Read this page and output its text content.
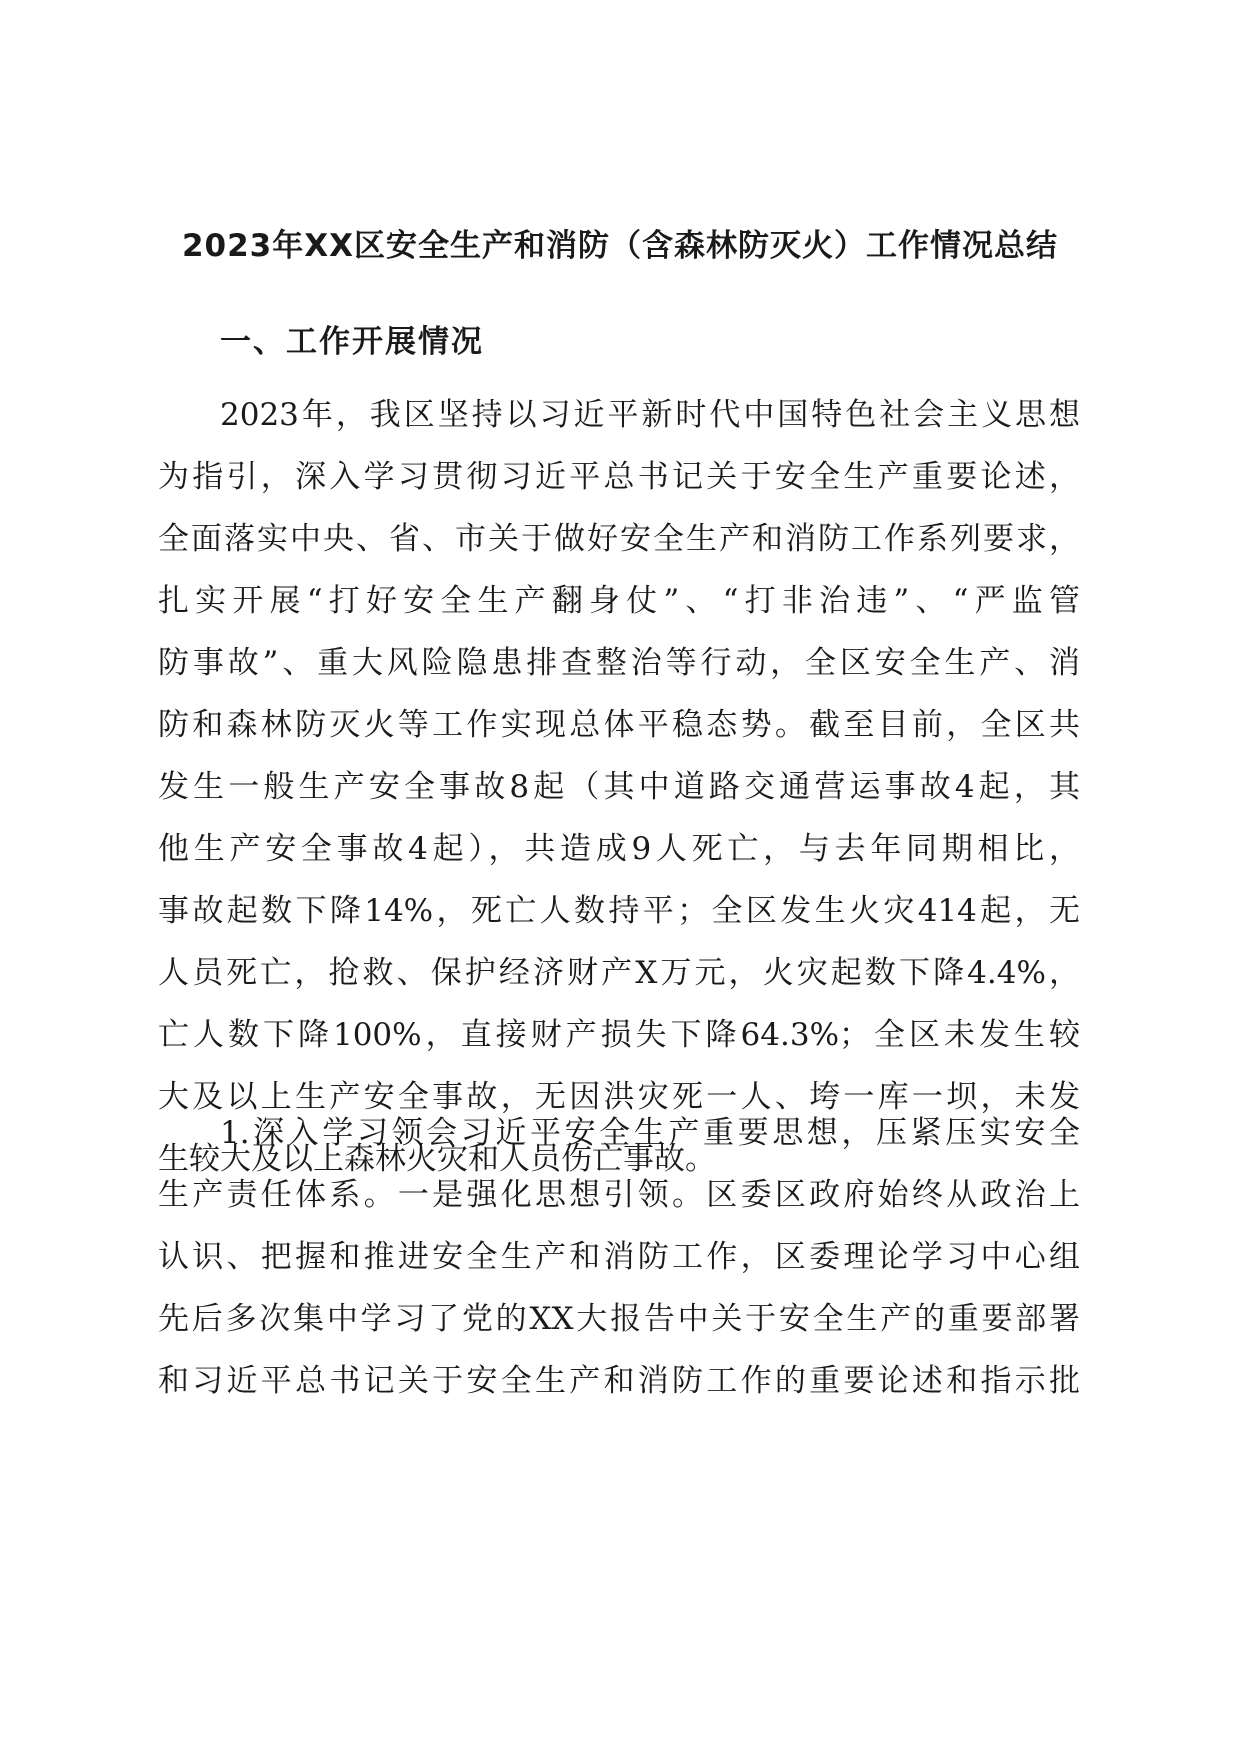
2023年XX区安全生产和消防（含森林防灭火）工作情况总结
一、工作开展情况
2023年，我区坚持以习近平新时代中国特色社会主义思想
为指引，深入学习贯彻习近平总书记关于安全生产重要论述，
全面落实中央、省、市关于做好安全生产和消防工作系列要求，
扎实开展“打好安全生产翻身仗”、“打非治违”、“严监管
防事故”、重大风险隐患排查整治等行动，全区安全生产、消
防和森林防灭火等工作实现总体平稳态势。截至目前，全区共
发生一般生产安全事故8起（其中道路交通营运事故4起，其
他生产安全事故4起），共造成9人死亡，与去年同期相比，
事故起数下降14%，死亡人数持平；全区发生火灾414起，无
人员死亡，抢救、保护经济财产X万元，火灾起数下降4.4%，
亡人数下降100%，直接财产损失下降64.3%；全区未发生较
大及以上生产安全事故，无因洪灾死一人、垮一库一坝，未发
生较大及以上森林火灾和人员伤亡事故。
1.深入学习领会习近平安全生产重要思想，压紧压实安全
生产责任体系。一是强化思想引领。区委区政府始终从政治上
认识、把握和推进安全生产和消防工作，区委理论学习中心组
先后多次集中学习了党的XX大报告中关于安全生产的重要部署
和习近平总书记关于安全生产和消防工作的重要论述和指示批
